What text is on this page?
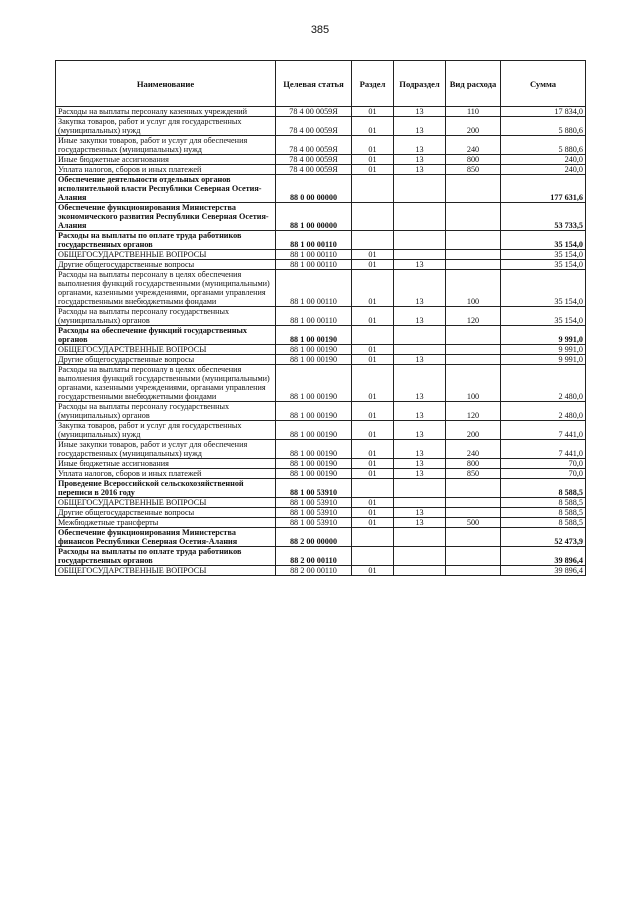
385
Наименование	Целевая статья	Раздел	Подраздел	Вид расхода	Сумма
Расходы на выплаты персоналу казенных учреждений	78 4 00 0059Я	01	13	110	17 834,0
Закупка товаров, работ и услуг для государственных (муниципальных) нужд	78 4 00 0059Я	01	13	200	5 880,6
Иные закупки товаров, работ и услуг для обеспечения государственных (муниципальных) нужд	78 4 00 0059Я	01	13	240	5 880,6
Иные бюджетные ассигнования	78 4 00 0059Я	01	13	800	240,0
Уплата налогов, сборов и иных платежей	78 4 00 0059Я	01	13	850	240,0
Обеспечение деятельности отдельных органов исполнительной власти Республики Северная Осетия-Алания	88 0 00 00000				177 631,6
Обеспечение функционирования Министерства экономического развития Республики Северная Осетия-Алания	88 1 00 00000				53 733,5
Расходы на выплаты по оплате труда работников государственных органов	88 1 00 00110				35 154,0
ОБЩЕГОСУДАРСТВЕННЫЕ ВОПРОСЫ	88 1 00 00110	01			35 154,0
Другие общегосударственные вопросы	88 1 00 00110	01	13		35 154,0
Расходы на выплаты персоналу в целях обеспечения выполнения функций государственными (муниципальными) органами, казенными учреждениями, органами управления государственными внебюджетными фондами	88 1 00 00110	01	13	100	35 154,0
Расходы на выплаты персоналу государственных (муниципальных) органов	88 1 00 00110	01	13	120	35 154,0
Расходы на обеспечение функций государственных органов	88 1 00 00190				9 991,0
ОБЩЕГОСУДАРСТВЕННЫЕ ВОПРОСЫ	88 1 00 00190	01			9 991,0
Другие общегосударственные вопросы	88 1 00 00190	01	13		9 991,0
Расходы на выплаты персоналу в целях обеспечения выполнения функций государственными (муниципальными) органами, казенными учреждениями, органами управления государственными внебюджетными фондами	88 1 00 00190	01	13	100	2 480,0
Расходы на выплаты персоналу государственных (муниципальных) органов	88 1 00 00190	01	13	120	2 480,0
Закупка товаров, работ и услуг для государственных (муниципальных) нужд	88 1 00 00190	01	13	200	7 441,0
Иные закупки товаров, работ и услуг для обеспечения государственных (муниципальных) нужд	88 1 00 00190	01	13	240	7 441,0
Иные бюджетные ассигнования	88 1 00 00190	01	13	800	70,0
Уплата налогов, сборов и иных платежей	88 1 00 00190	01	13	850	70,0
Проведение Всероссийской сельскохозяйственной переписи в 2016 году	88 1 00 53910				8 588,5
ОБЩЕГОСУДАРСТВЕННЫЕ ВОПРОСЫ	88 1 00 53910	01			8 588,5
Другие общегосударственные вопросы	88 1 00 53910	01	13		8 588,5
Межбюджетные трансферты	88 1 00 53910	01	13	500	8 588,5
Обеспечение функционирования Министерства финансов Республики Северная Осетия-Алания	88 2 00 00000				52 473,9
Расходы на выплаты по оплате труда работников государственных органов	88 2 00 00110				39 896,4
ОБЩЕГОСУДАРСТВЕННЫЕ ВОПРОСЫ	88 2 00 00110	01			39 896,4
